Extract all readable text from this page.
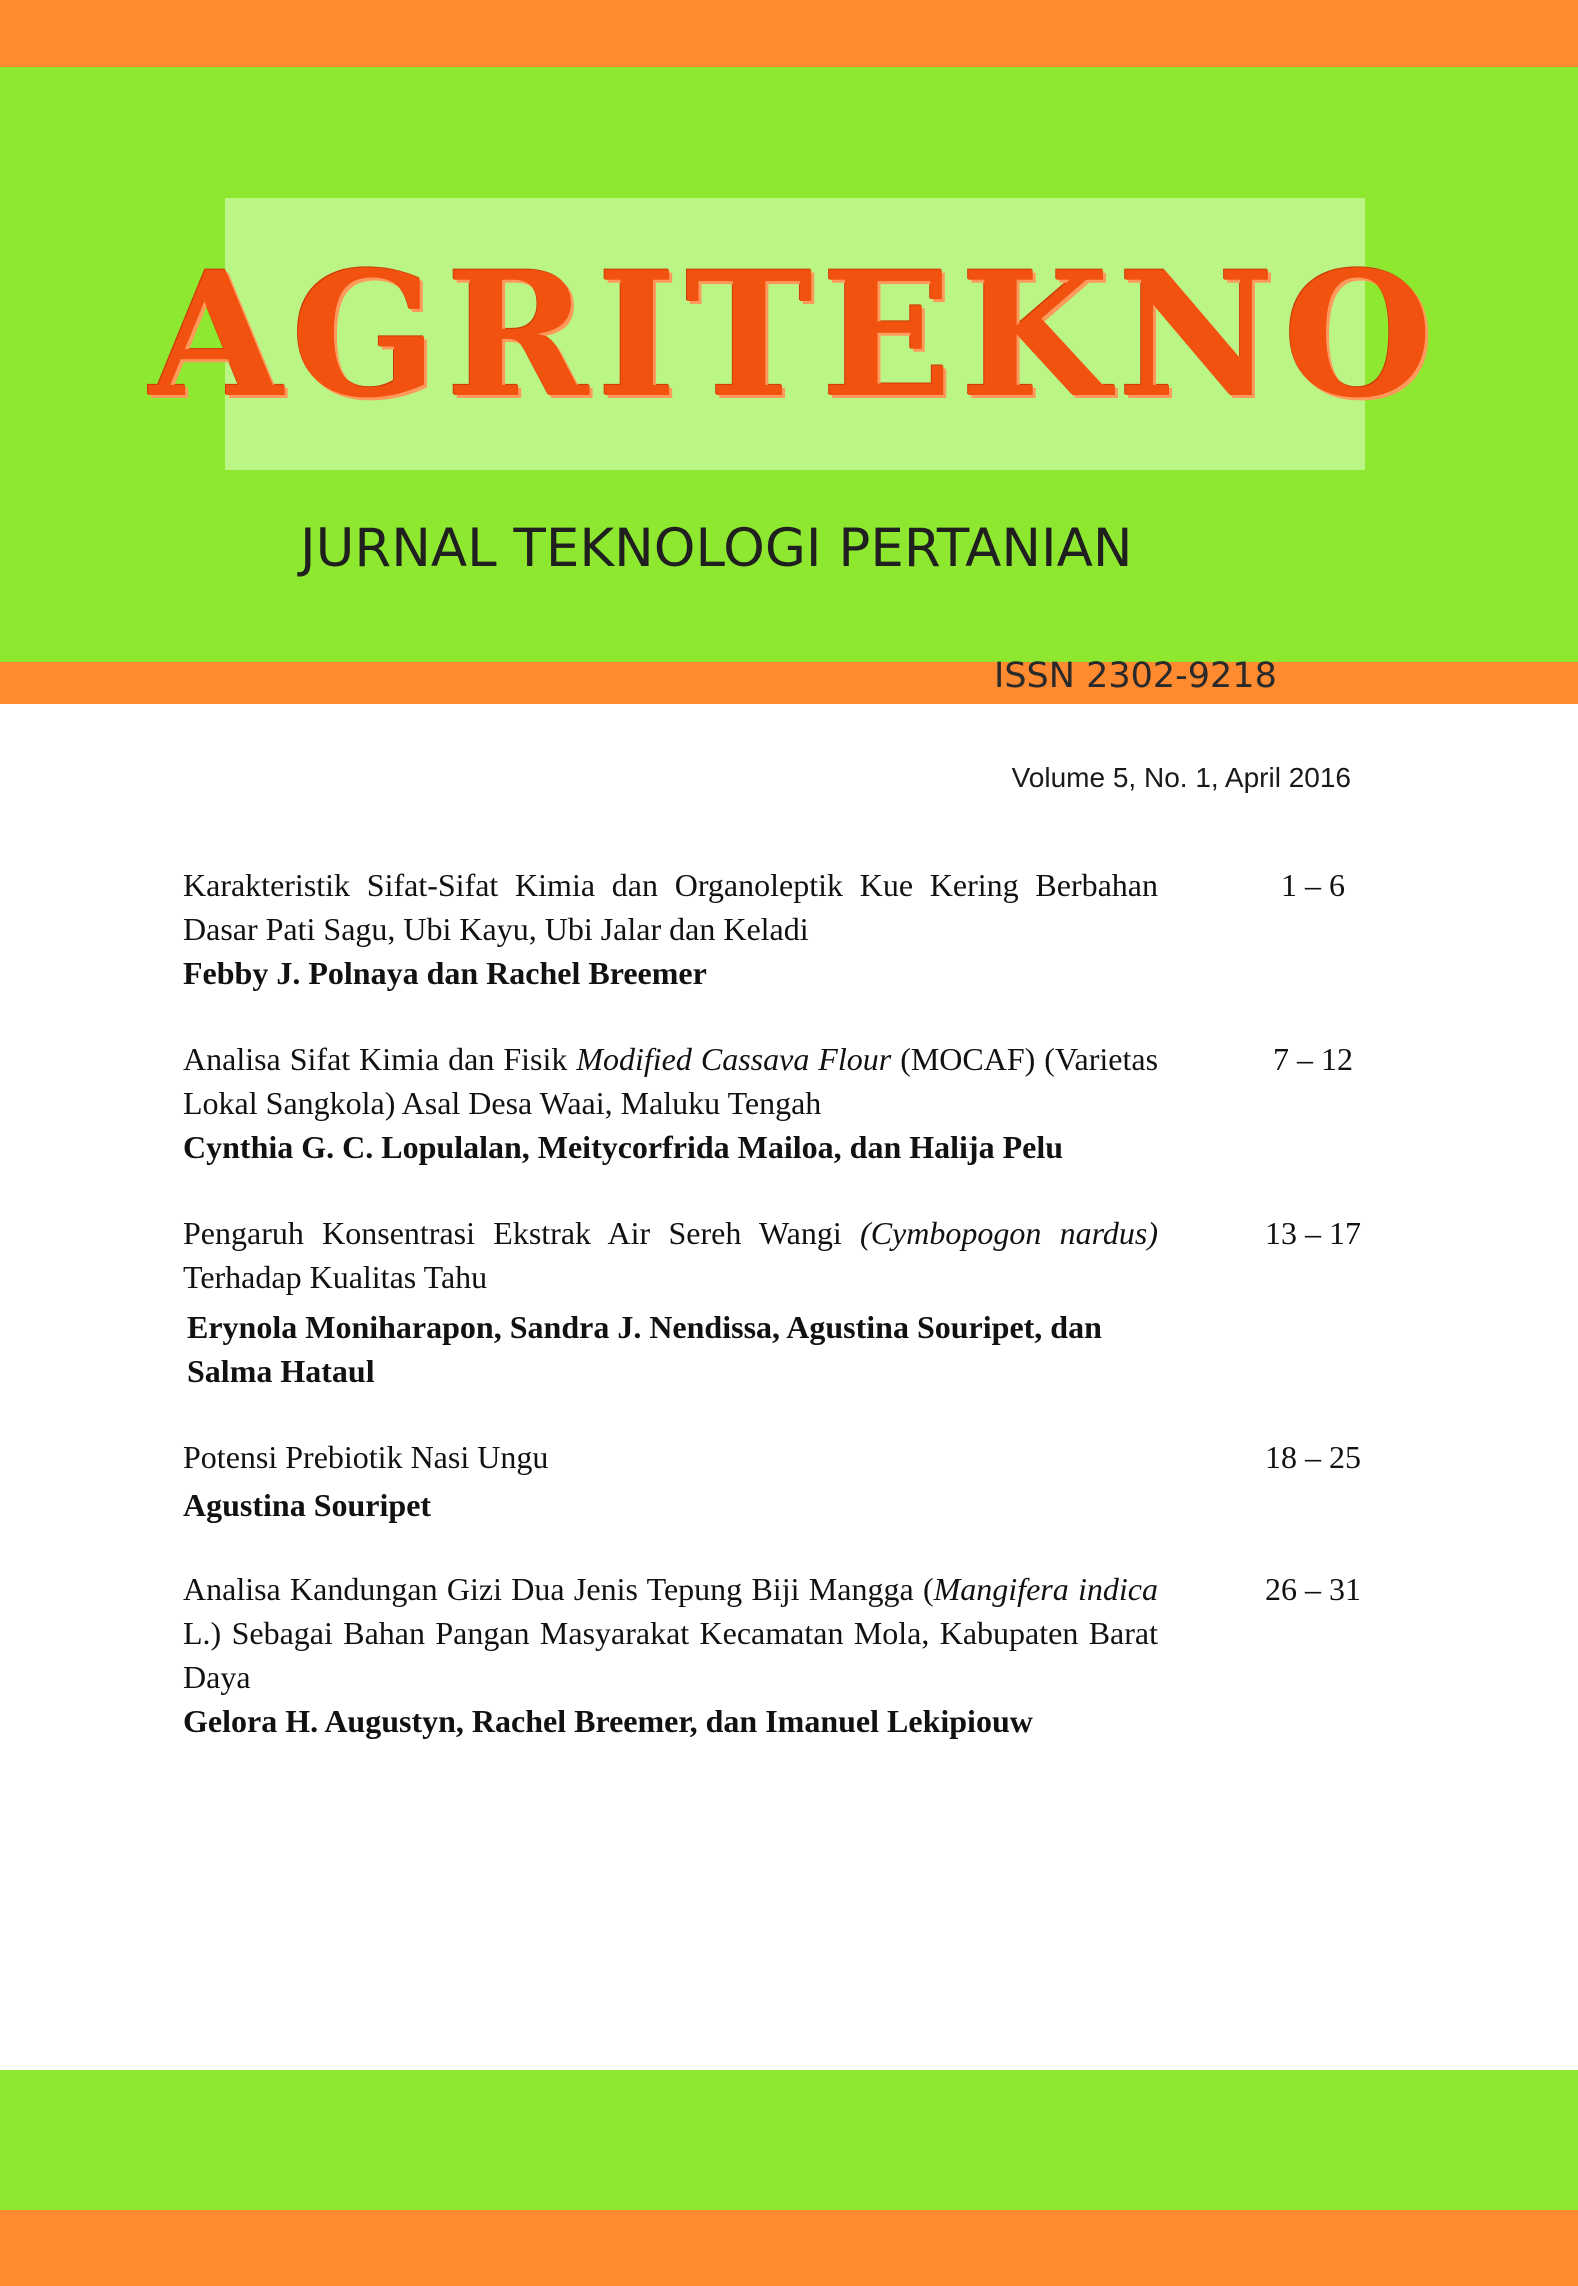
AGRITEKNO
JURNAL TEKNOLOGI PERTANIAN
ISSN 2302-9218
Volume 5, No. 1, April 2016
Karakteristik Sifat-Sifat Kimia dan Organoleptik Kue Kering Berbahan Dasar Pati Sagu, Ubi Kayu, Ubi Jalar dan Keladi
Febby J. Polnaya dan Rachel Breemer
1 – 6
Analisa Sifat Kimia dan Fisik Modified Cassava Flour (MOCAF) (Varietas Lokal Sangkola) Asal Desa Waai, Maluku Tengah
Cynthia G. C. Lopulalan, Meitycorfrida Mailoa, dan Halija Pelu
7 – 12
Pengaruh Konsentrasi Ekstrak Air Sereh Wangi (Cymbopogon nardus) Terhadap Kualitas Tahu
Erynola Moniharapon, Sandra J. Nendissa, Agustina Souripet, dan Salma Hataul
13 – 17
Potensi Prebiotik Nasi Ungu
Agustina Souripet
18 – 25
Analisa Kandungan Gizi Dua Jenis Tepung Biji Mangga (Mangifera indica L.) Sebagai Bahan Pangan Masyarakat Kecamatan Mola, Kabupaten Barat Daya
Gelora H. Augustyn, Rachel Breemer, dan Imanuel Lekipiouw
26 – 31
